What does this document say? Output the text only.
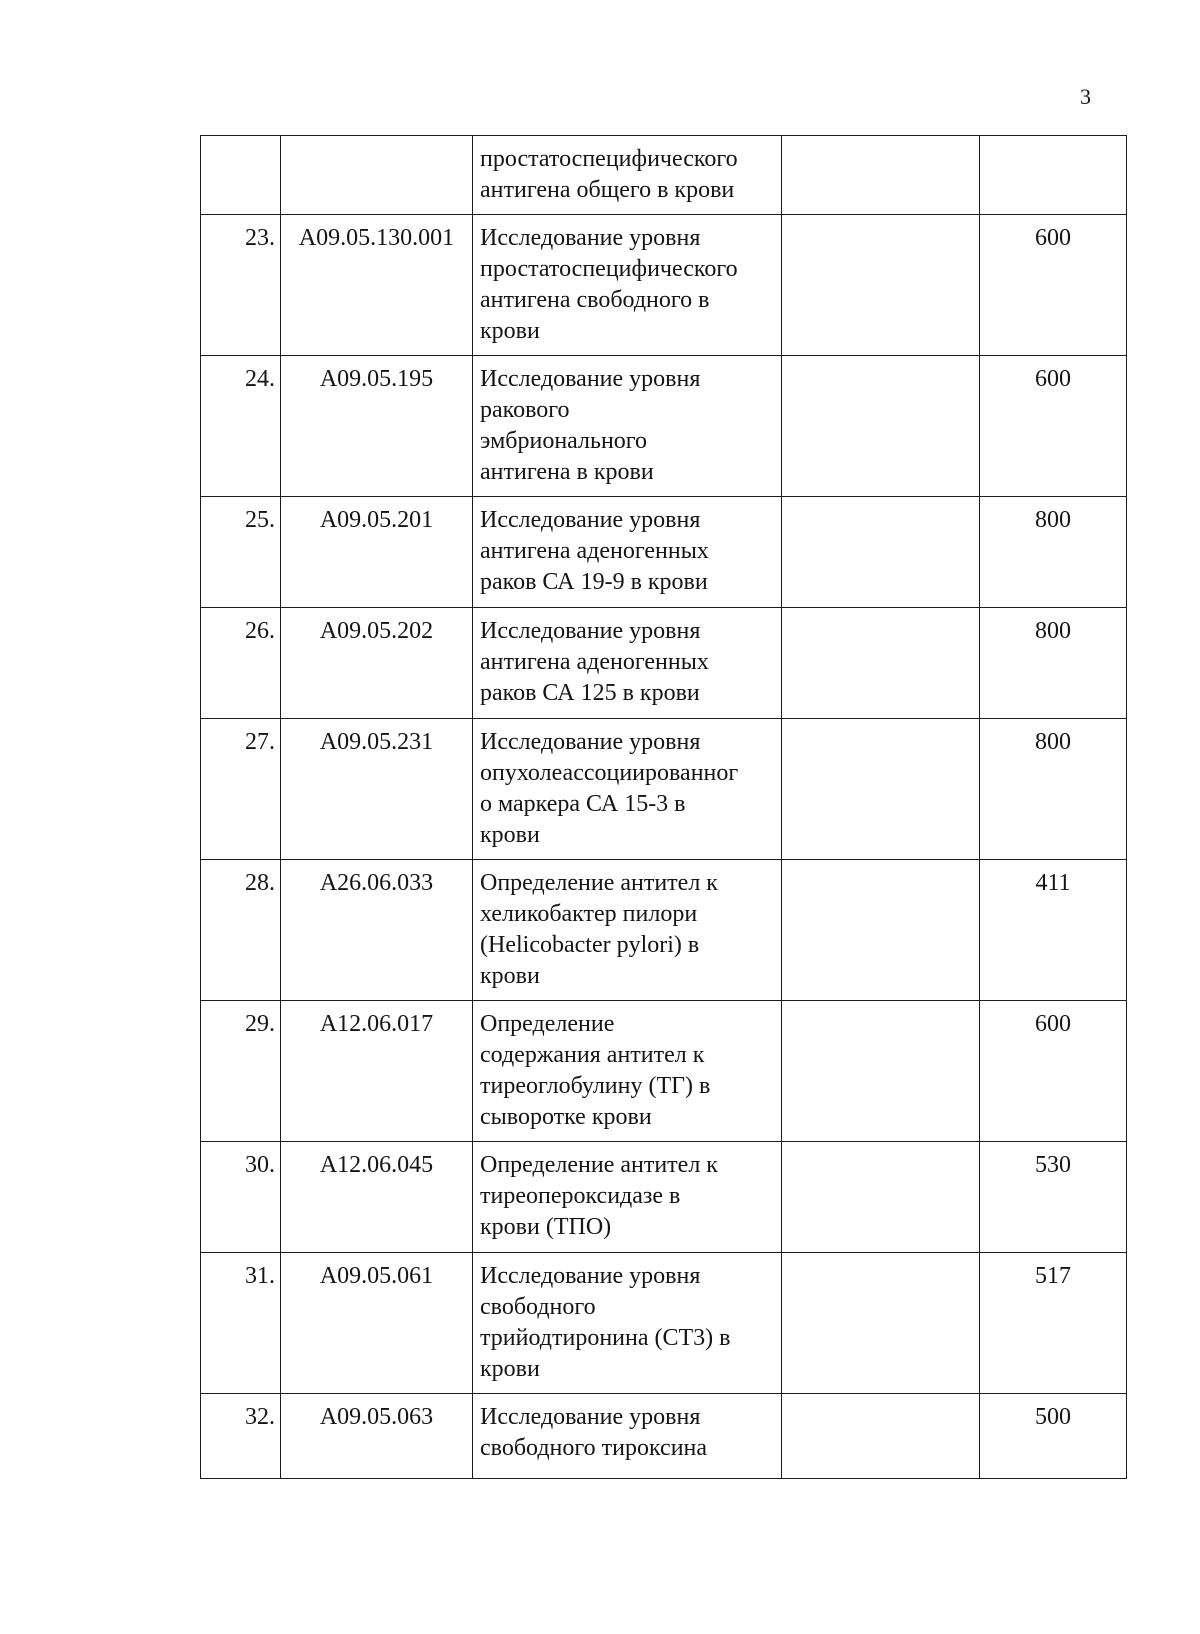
3
		простатоспецифического
антигена общего в крови		
23.	A09.05.130.001	Исследование уровня
простатоспецифического
антигена свободного в
крови		600
24.	A09.05.195	Исследование уровня
ракового
эмбрионального
антигена в крови		600
25.	A09.05.201	Исследование уровня
антигена аденогенных
раков СА 19-9 в крови		800
26.	A09.05.202	Исследование уровня
антигена аденогенных
раков СА 125 в крови		800
27.	A09.05.231	Исследование уровня
опухолеассоциированног
о маркера СА 15-3 в
крови		800
28.	A26.06.033	Определение антител к
хеликобактер пилори
(Helicobacter pylori) в
крови		411
29.	A12.06.017	Определение
содержания антител к
тиреоглобулину (ТГ) в
сыворотке крови		600
30.	A12.06.045	Определение антител к
тиреопероксидазе в
крови (ТПО)		530
31.	A09.05.061	Исследование уровня
свободного
трийодтиронина (СТ3) в
крови		517
32.	A09.05.063	Исследование уровня
свободного тироксина		500
